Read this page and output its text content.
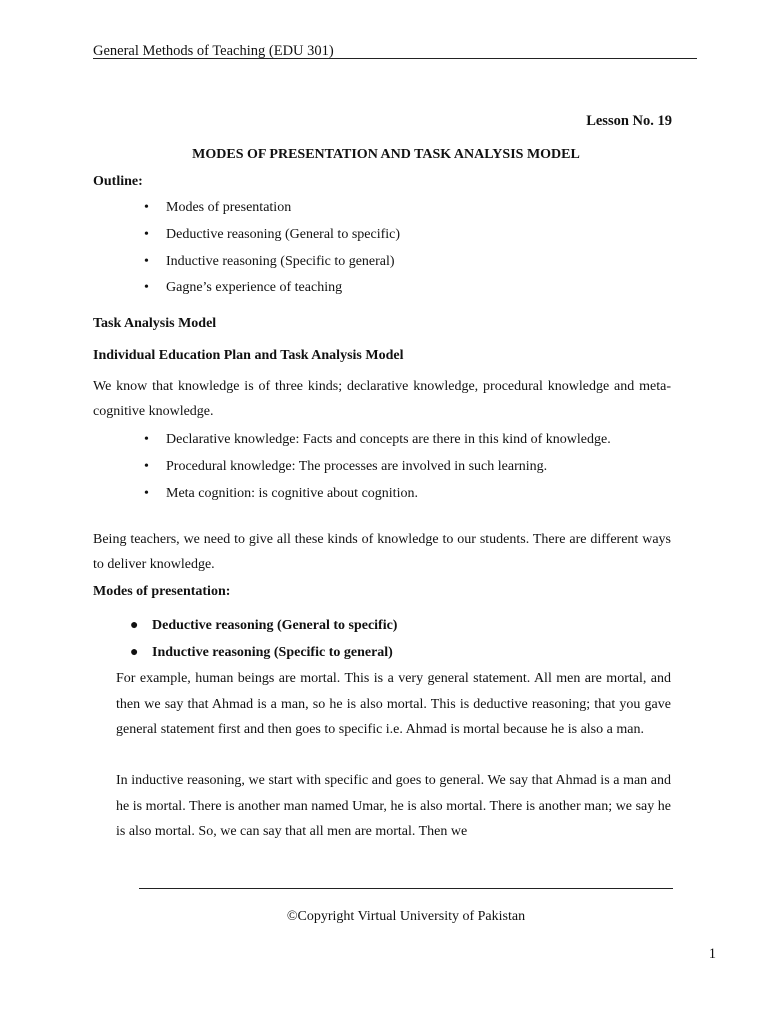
General Methods of Teaching (EDU 301)
Lesson No. 19
MODES OF PRESENTATION AND TASK ANALYSIS MODEL
Outline:
• Modes of presentation
• Deductive reasoning (General to specific)
• Inductive reasoning (Specific to general)
• Gagne’s experience of teaching
Task Analysis Model
Individual Education Plan and Task Analysis Model
We know that knowledge is of three kinds; declarative knowledge, procedural knowledge and meta-cognitive knowledge.
• Declarative knowledge: Facts and concepts are there in this kind of knowledge.
• Procedural knowledge: The processes are involved in such learning.
• Meta cognition: is cognitive about cognition.
Being teachers, we need to give all these kinds of knowledge to our students. There are different ways to deliver knowledge.
Modes of presentation:
● Deductive reasoning (General to specific)
● Inductive reasoning (Specific to general)
For example, human beings are mortal. This is a very general statement. All men are mortal, and then we say that Ahmad is a man, so he is also mortal. This is deductive reasoning; that you gave general statement first and then goes to specific i.e. Ahmad is mortal because he is also a man.
In inductive reasoning, we start with specific and goes to general. We say that Ahmad is a man and he is mortal. There is another man named Umar, he is also mortal. There is another man; we say he is also mortal. So, we can say that all men are mortal. Then we
©Copyright Virtual University of Pakistan
1
